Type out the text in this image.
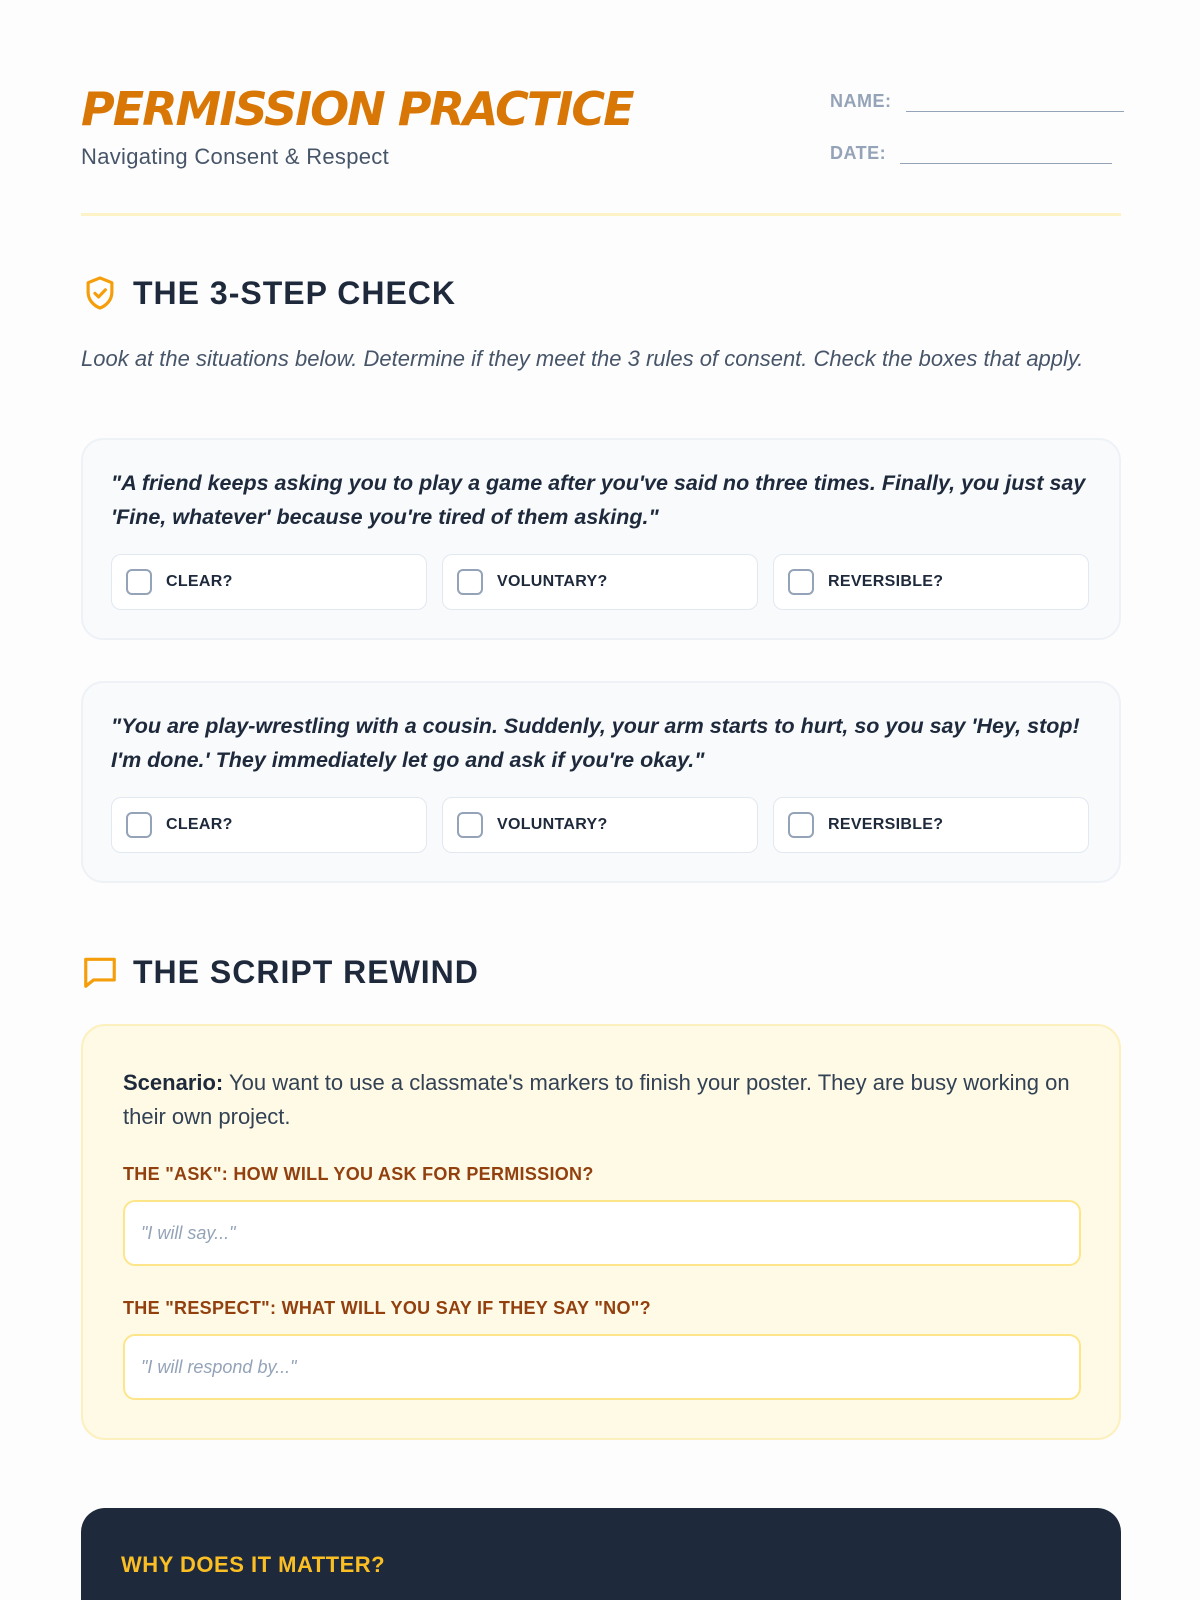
PERMISSION PRACTICE
Navigating Consent & Respect
NAME:
DATE:
THE 3-STEP CHECK
Look at the situations below. Determine if they meet the 3 rules of consent. Check the boxes that apply.
"A friend keeps asking you to play a game after you've said no three times. Finally, you just say 'Fine, whatever' because you're tired of them asking."
CLEAR?	VOLUNTARY?	REVERSIBLE?
"You are play-wrestling with a cousin. Suddenly, your arm starts to hurt, so you say 'Hey, stop! I'm done.' They immediately let go and ask if you're okay."
CLEAR?	VOLUNTARY?	REVERSIBLE?
THE SCRIPT REWIND
Scenario: You want to use a classmate's markers to finish your poster. They are busy working on their own project.
THE "ASK": HOW WILL YOU ASK FOR PERMISSION?
"I will say..."
THE "RESPECT": WHAT WILL YOU SAY IF THEY SAY "NO"?
"I will respond by..."
WHY DOES IT MATTER?
